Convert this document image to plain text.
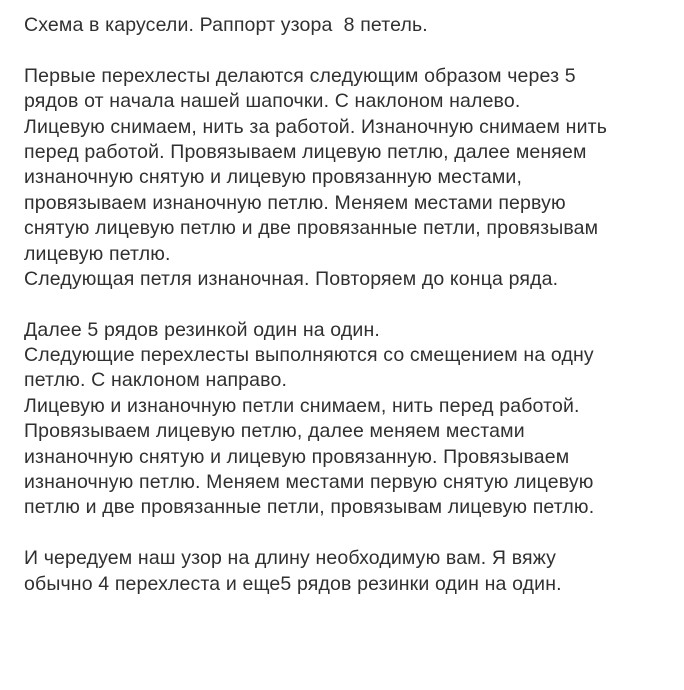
Схема в карусели. Раппорт узора  8 петель.
Первые перехлесты делаются следующим образом через 5
рядов от начала нашей шапочки. С наклоном налево.
Лицевую снимаем, нить за работой. Изнаночную снимаем нить
перед работой. Провязываем лицевую петлю, далее меняем
изнаночную снятую и лицевую провязанную местами,
провязываем изнаночную петлю. Меняем местами первую
снятую лицевую петлю и две провязанные петли, провязывам
лицевую петлю.
Следующая петля изнаночная. Повторяем до конца ряда.
Далее 5 рядов резинкой один на один.
Следующие перехлесты выполняются со смещением на одну
петлю. С наклоном направо.
Лицевую и изнаночную петли снимаем, нить перед работой.
Провязываем лицевую петлю, далее меняем местами
изнаночную снятую и лицевую провязанную. Провязываем
изнаночную петлю. Меняем местами первую снятую лицевую
петлю и две провязанные петли, провязывам лицевую петлю.
И чередуем наш узор на длину необходимую вам. Я вяжу
обычно 4 перехлеста и еще5 рядов резинки один на один.
